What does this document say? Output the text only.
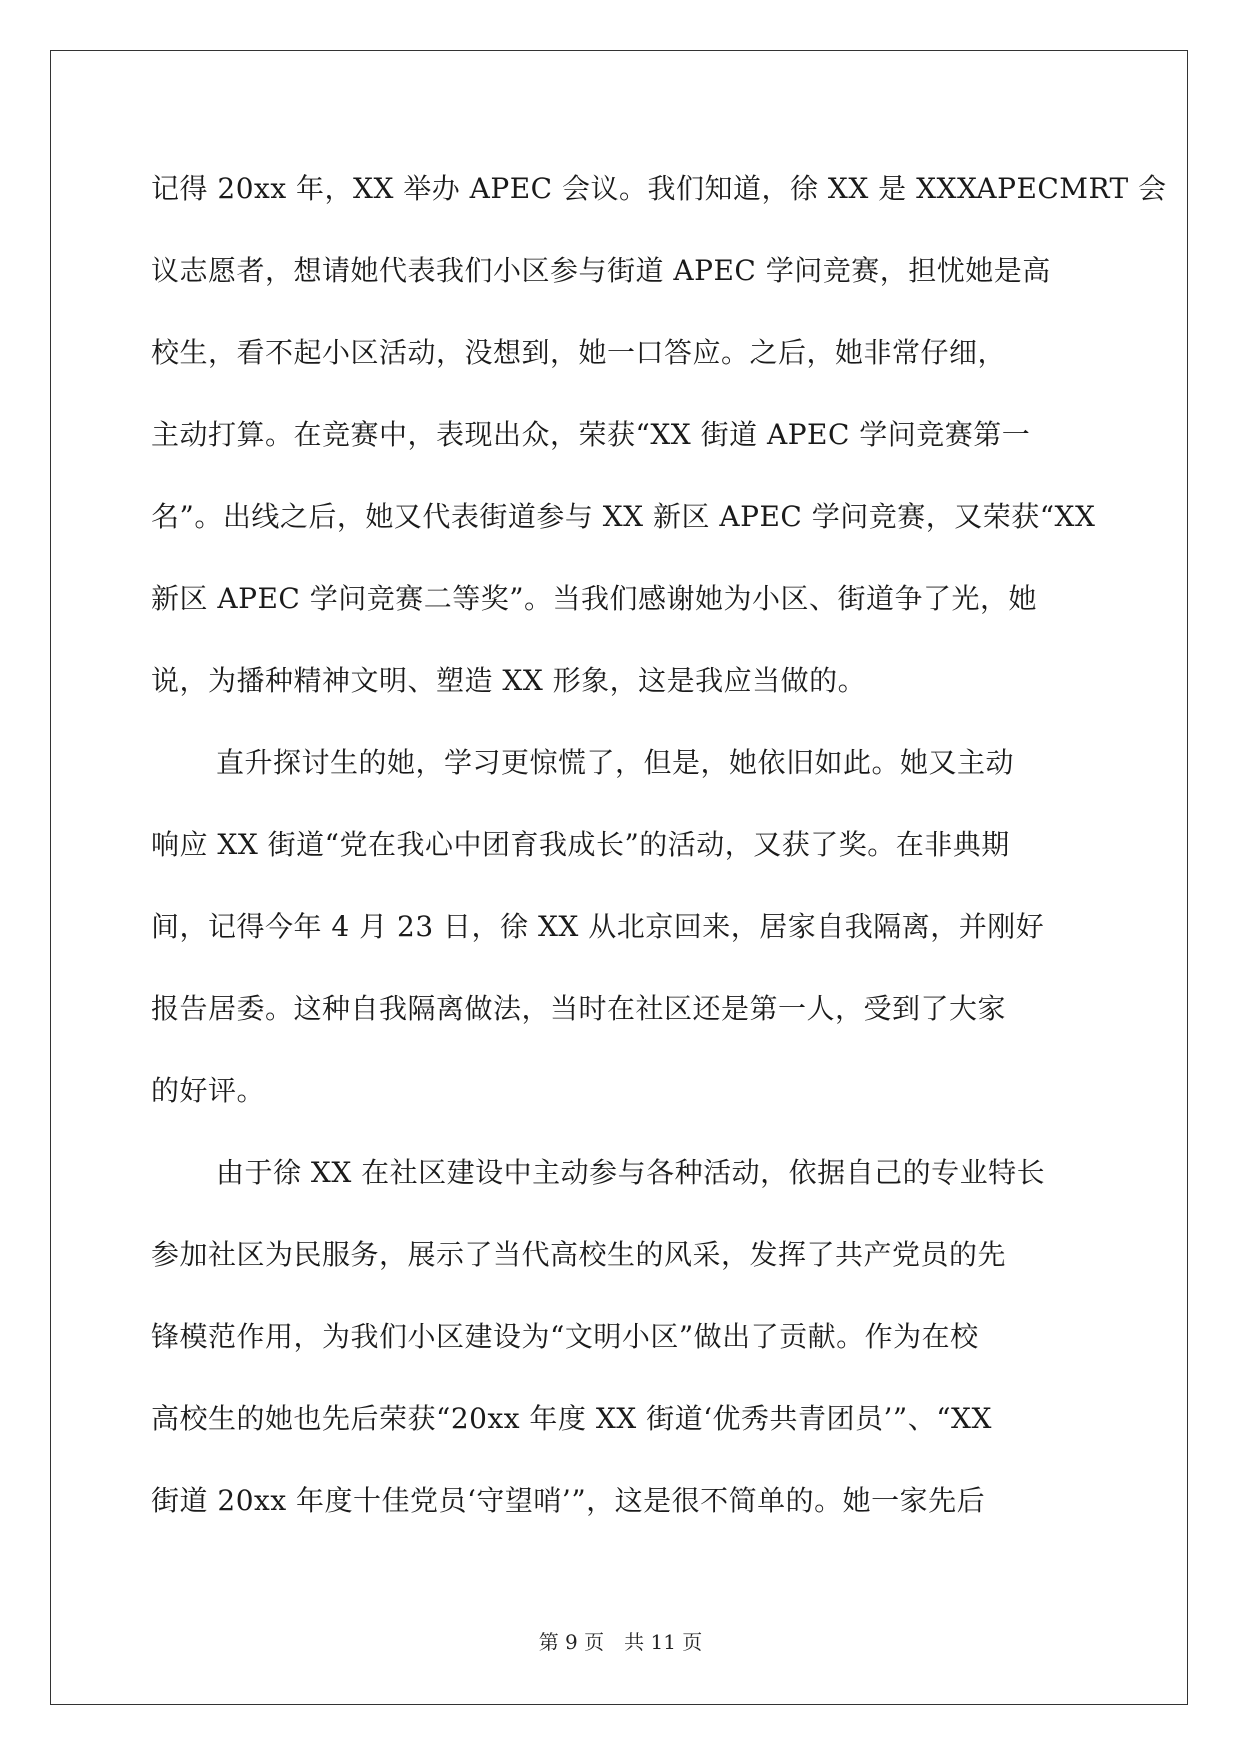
记得 20xx 年，XX 举办 APEC 会议。我们知道，徐 XX 是 XXXAPECMRT 会
议志愿者，想请她代表我们小区参与街道 APEC 学问竞赛，担忧她是高
校生，看不起小区活动，没想到，她一口答应。之后，她非常仔细，
主动打算。在竞赛中，表现出众，荣获“XX 街道 APEC 学问竞赛第一
名”。出线之后，她又代表街道参与 XX 新区 APEC 学问竞赛，又荣获“XX
新区 APEC 学问竞赛二等奖”。当我们感谢她为小区、街道争了光，她
说，为播种精神文明、塑造 XX 形象，这是我应当做的。
直升探讨生的她，学习更惊慌了，但是，她依旧如此。她又主动
响应 XX 街道“党在我心中团育我成长”的活动，又获了奖。在非典期
间，记得今年 4 月 23 日，徐 XX 从北京回来，居家自我隔离，并刚好
报告居委。这种自我隔离做法，当时在社区还是第一人，受到了大家
的好评。
由于徐 XX 在社区建设中主动参与各种活动，依据自己的专业特长
参加社区为民服务，展示了当代高校生的风采，发挥了共产党员的先
锋模范作用，为我们小区建设为“文明小区”做出了贡献。作为在校
高校生的她也先后荣获“20xx 年度 XX 街道‘优秀共青团员’”、“XX
街道 20xx 年度十佳党员‘守望哨’”，这是很不简单的。她一家先后
第 9 页　共 11 页
